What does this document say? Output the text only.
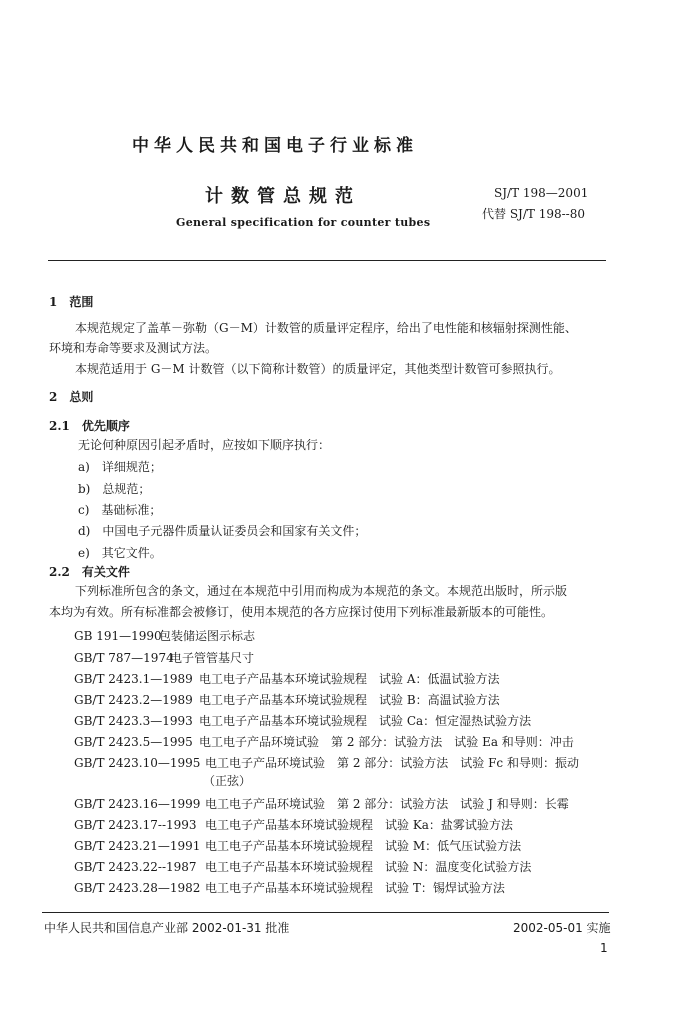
中华人民共和国电子行业标准
计数管总规范
General specification for counter tubes
SJ/T 198—2001
代替 SJ/T 198--80
1　范围
本规范规定了盖革－弥勒（G－M）计数管的质量评定程序，给出了电性能和核辐射探测性能、
环境和寿命等要求及测试方法。
本规范适用于 G－M 计数管（以下简称计数管）的质量评定，其他类型计数管可参照执行。
2　总则
2.1　优先顺序
无论何种原因引起矛盾时，应按如下顺序执行：
a)　详细规范；
b)　总规范；
c)　基础标准；
d)　中国电子元器件质量认证委员会和国家有关文件；
e)　其它文件。
2.2　有关文件
下列标准所包含的条文，通过在本规范中引用而构成为本规范的条文。本规范出版时，所示版
本均为有效。所有标准都会被修订，使用本规范的各方应探讨使用下列标准最新版本的可能性。
GB 191—1990包装储运图示标志
GB/T 787—1974电子管管基尺寸
GB/T 2423.1—1989 电工电子产品基本环境试验规程　试验 A：低温试验方法
GB/T 2423.2—1989 电工电子产品基本环境试验规程　试验 B：高温试验方法
GB/T 2423.3—1993 电工电子产品基本环境试验规程　试验 Ca：恒定湿热试验方法
GB/T 2423.5—1995 电工电子产品环境试验　第 2 部分：试验方法　试验 Ea 和导则：冲击
GB/T 2423.10—1995 电工电子产品环境试验　第 2 部分：试验方法　试验 Fc 和导则：振动
（正弦）
GB/T 2423.16—1999 电工电子产品环境试验　第 2 部分：试验方法　试验 J 和导则：长霉
GB/T 2423.17--1993 电工电子产品基本环境试验规程　试验 Ka：盐雾试验方法
GB/T 2423.21—1991 电工电子产品基本环境试验规程　试验 M：低气压试验方法
GB/T 2423.22--1987 电工电子产品基本环境试验规程　试验 N：温度变化试验方法
GB/T 2423.28—1982 电工电子产品基本环境试验规程　试验 T：锡焊试验方法
中华人民共和国信息产业部 2002-01-31 批准	2002-05-01 实施
1
